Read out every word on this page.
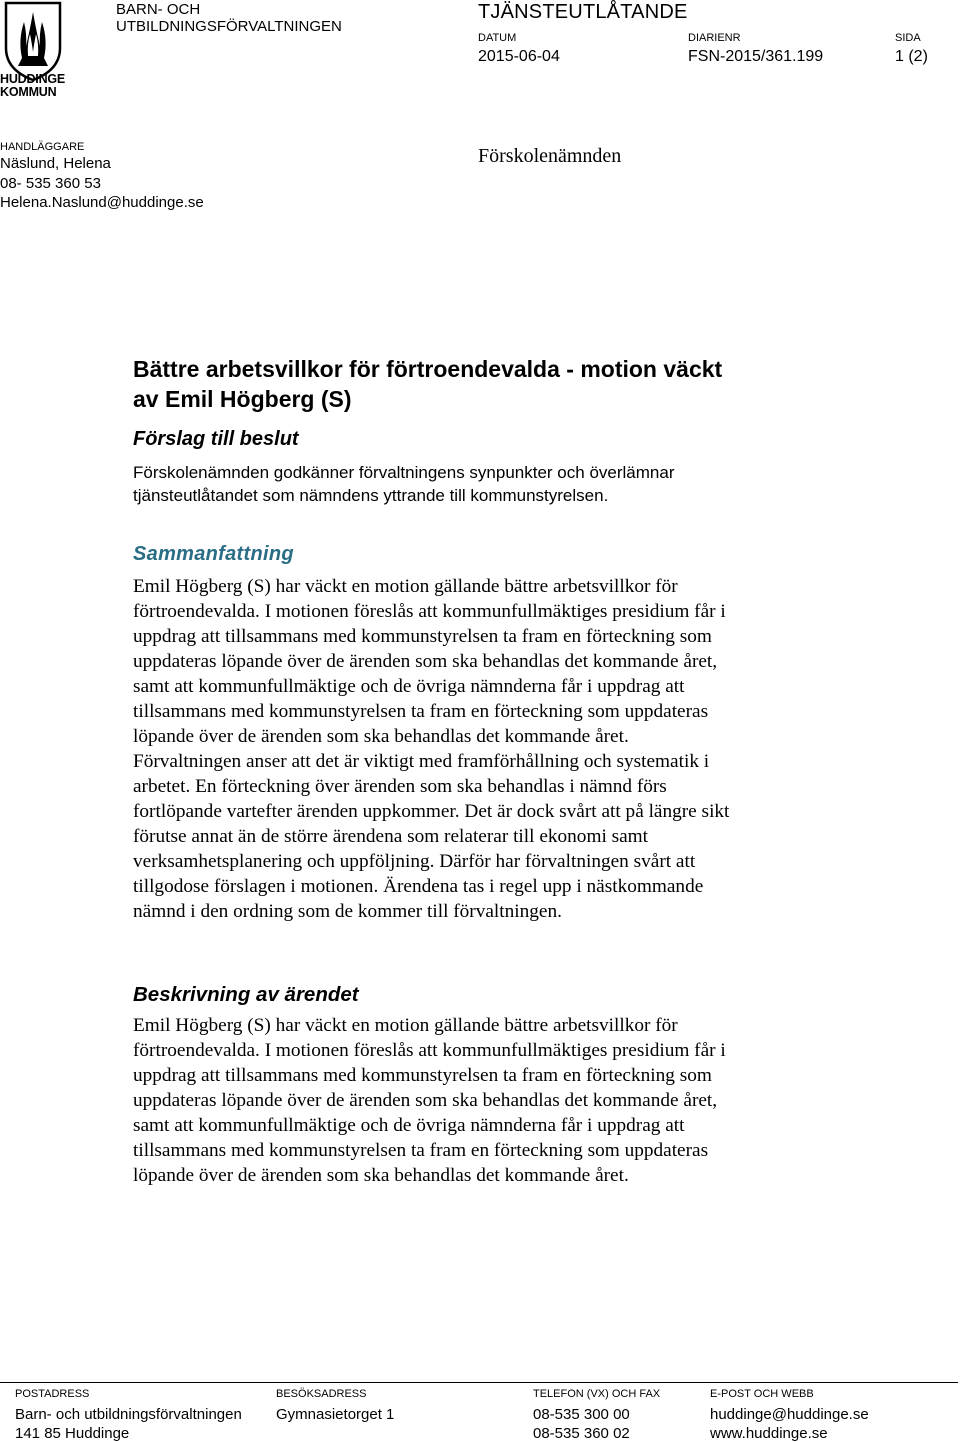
HUDDINGE
KOMMUN
BARN- OCH
UTBILDNINGSFÖRVALTNINGEN
TJÄNSTEUTLÅTANDE
DATUM
2015-06-04
DIARIENR
FSN-2015/361.199
SIDA
1 (2)
HANDLÄGGARE
Näslund, Helena
08- 535 360 53
Helena.Naslund@huddinge.se
Förskolenämnden
Bättre arbetsvillkor för förtroendevalda - motion väckt
av Emil Högberg (S)
Förslag till beslut
Förskolenämnden godkänner förvaltningens synpunkter och överlämnar
tjänsteutlåtandet som nämndens yttrande till kommunstyrelsen.
Sammanfattning
Emil Högberg (S) har väckt en motion gällande bättre arbetsvillkor för
förtroendevalda. I motionen föreslås att kommunfullmäktiges presidium får i
uppdrag att tillsammans med kommunstyrelsen ta fram en förteckning som
uppdateras löpande över de ärenden som ska behandlas det kommande året,
samt att kommunfullmäktige och de övriga nämnderna får i uppdrag att
tillsammans med kommunstyrelsen ta fram en förteckning som uppdateras
löpande över de ärenden som ska behandlas det kommande året.
Förvaltningen anser att det är viktigt med framförhållning och systematik i
arbetet. En förteckning över ärenden som ska behandlas i nämnd förs
fortlöpande vartefter ärenden uppkommer. Det är dock svårt att på längre sikt
förutse annat än de större ärendena som relaterar till ekonomi samt
verksamhetsplanering och uppföljning. Därför har förvaltningen svårt att
tillgodose förslagen i motionen. Ärendena tas i regel upp i nästkommande
nämnd i den ordning som de kommer till förvaltningen.
Beskrivning av ärendet
Emil Högberg (S) har väckt en motion gällande bättre arbetsvillkor för
förtroendevalda. I motionen föreslås att kommunfullmäktiges presidium får i
uppdrag att tillsammans med kommunstyrelsen ta fram en förteckning som
uppdateras löpande över de ärenden som ska behandlas det kommande året,
samt att kommunfullmäktige och de övriga nämnderna får i uppdrag att
tillsammans med kommunstyrelsen ta fram en förteckning som uppdateras
löpande över de ärenden som ska behandlas det kommande året.
POSTADRESS
Barn- och utbildningsförvaltningen
141 85 Huddinge
BESÖKSADRESS
Gymnasietorget 1
TELEFON (VX) OCH FAX
08-535 300 00
08-535 360 02
E-POST OCH WEBB
huddinge@huddinge.se
www.huddinge.se
